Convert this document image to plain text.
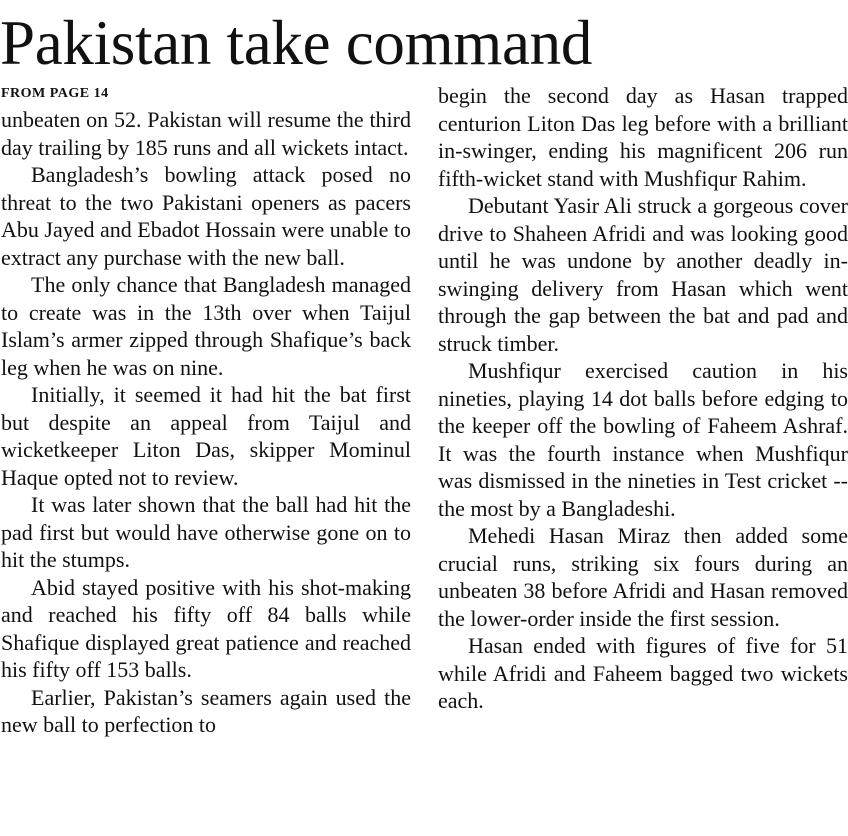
Pakistan take command
FROM PAGE 14

unbeaten on 52. Pakistan will resume the third day trailing by 185 runs and all wickets intact.

Bangladesh’s bowling attack posed no threat to the two Pakistani openers as pacers Abu Jayed and Ebadot Hossain were unable to extract any purchase with the new ball.

The only chance that Bangladesh managed to create was in the 13th over when Taijul Islam’s armer zipped through Shafique’s back leg when he was on nine.

Initially, it seemed it had hit the bat first but despite an appeal from Taijul and wicketkeeper Liton Das, skipper Mominul Haque opted not to review.

It was later shown that the ball had hit the pad first but would have otherwise gone on to hit the stumps.

Abid stayed positive with his shot-making and reached his fifty off 84 balls while Shafique displayed great patience and reached his fifty off 153 balls.

Earlier, Pakistan’s seamers again used the new ball to perfection to

begin the second day as Hasan trapped centurion Liton Das leg before with a brilliant in-swinger, ending his magnificent 206 run fifth-wicket stand with Mushfiqur Rahim.

Debutant Yasir Ali struck a gorgeous cover drive to Shaheen Afridi and was looking good until he was undone by another deadly in-swinging delivery from Hasan which went through the gap between the bat and pad and struck timber.

Mushfiqur exercised caution in his nineties, playing 14 dot balls before edging to the keeper off the bowling of Faheem Ashraf. It was the fourth instance when Mushfiqur was dismissed in the nineties in Test cricket -- the most by a Bangladeshi.

Mehedi Hasan Miraz then added some crucial runs, striking six fours during an unbeaten 38 before Afridi and Hasan removed the lower-order inside the first session.

Hasan ended with figures of five for 51 while Afridi and Faheem bagged two wickets each.
